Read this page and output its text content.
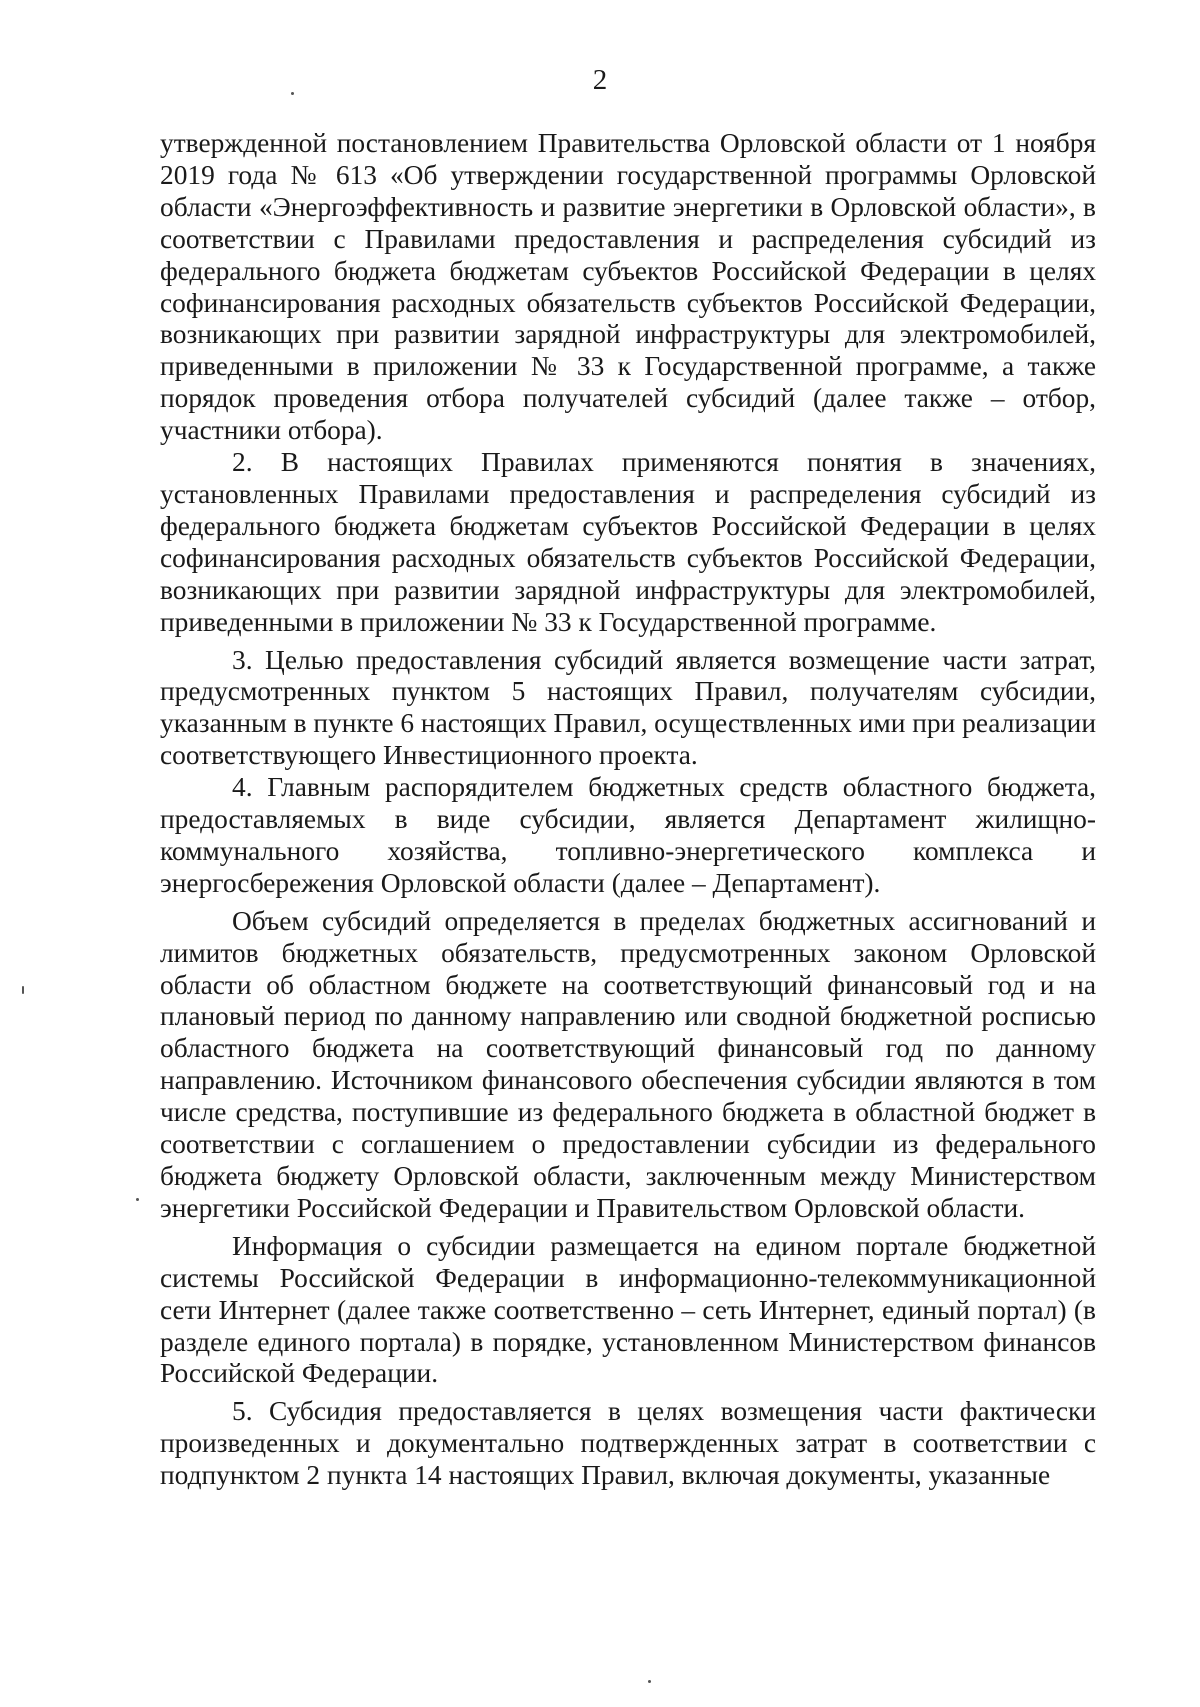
2

утвержденной постановлением Правительства Орловской области от 1 ноября 2019 года № 613 «Об утверждении государственной программы Орловской области «Энергоэффективность и развитие энергетики в Орловской области», в соответствии с Правилами предоставления и распределения субсидий из федерального бюджета бюджетам субъектов Российской Федерации в целях софинансирования расходных обязательств субъектов Российской Федерации, возникающих при развитии зарядной инфраструктуры для электромобилей, приведенными в приложении № 33 к Государственной программе, а также порядок проведения отбора получателей субсидий (далее также – отбор, участники отбора).

2. В настоящих Правилах применяются понятия в значениях, установленных Правилами предоставления и распределения субсидий из федерального бюджета бюджетам субъектов Российской Федерации в целях софинансирования расходных обязательств субъектов Российской Федерации, возникающих при развитии зарядной инфраструктуры для электромобилей, приведенными в приложении № 33 к Государственной программе.

3. Целью предоставления субсидий является возмещение части затрат, предусмотренных пунктом 5 настоящих Правил, получателям субсидии, указанным в пункте 6 настоящих Правил, осуществленных ими при реализации соответствующего Инвестиционного проекта.

4. Главным распорядителем бюджетных средств областного бюджета, предоставляемых в виде субсидии, является Департамент жилищно-коммунального хозяйства, топливно-энергетического комплекса и энергосбережения Орловской области (далее – Департамент).

Объем субсидий определяется в пределах бюджетных ассигнований и лимитов бюджетных обязательств, предусмотренных законом Орловской области об областном бюджете на соответствующий финансовый год и на плановый период по данному направлению или сводной бюджетной росписью областного бюджета на соответствующий финансовый год по данному направлению. Источником финансового обеспечения субсидии являются в том числе средства, поступившие из федерального бюджета в областной бюджет в соответствии с соглашением о предоставлении субсидии из федерального бюджета бюджету Орловской области, заключенным между Министерством энергетики Российской Федерации и Правительством Орловской области.

Информация о субсидии размещается на едином портале бюджетной системы Российской Федерации в информационно-телекоммуникационной сети Интернет (далее также соответственно – сеть Интернет, единый портал) (в разделе единого портала) в порядке, установленном Министерством финансов Российской Федерации.

5. Субсидия предоставляется в целях возмещения части фактически произведенных и документально подтвержденных затрат в соответствии с подпунктом 2 пункта 14 настоящих Правил, включая документы, указанные
